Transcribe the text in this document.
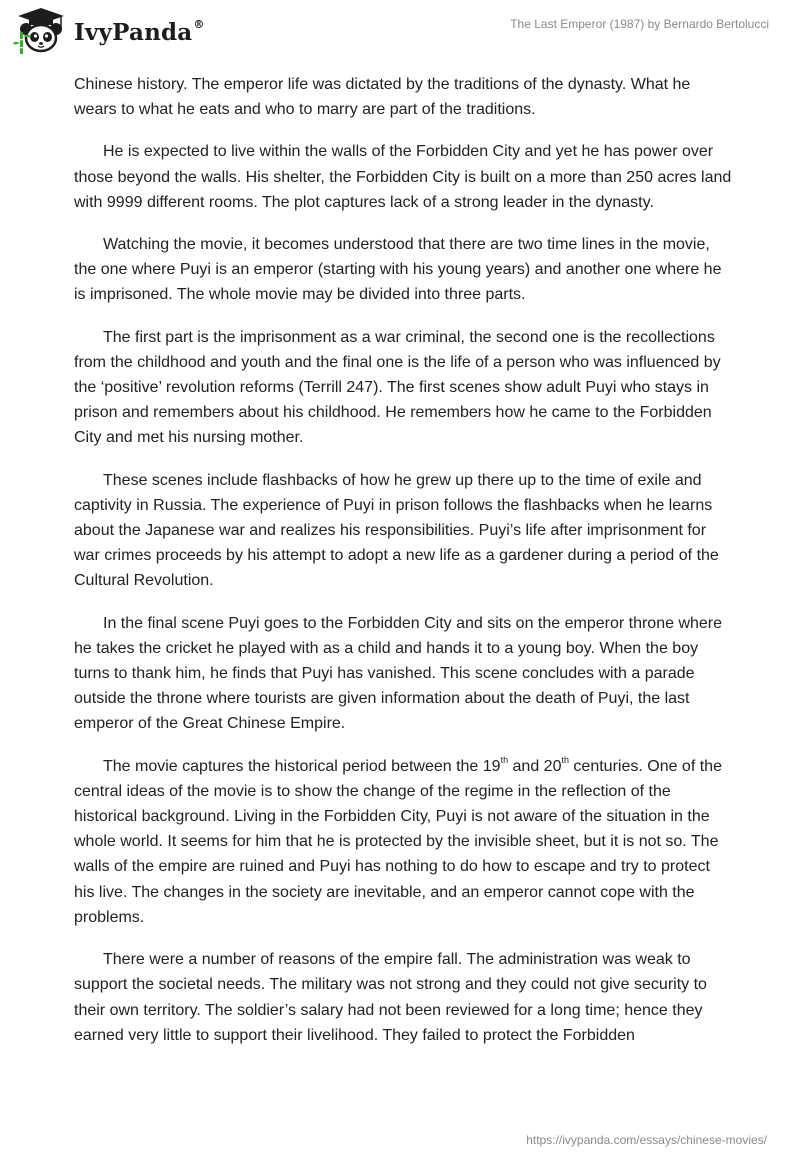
IvyPanda®	The Last Emperor (1987) by Bernardo Bertolucci

Chinese history. The emperor life was dictated by the traditions of the dynasty. What he wears to what he eats and who to marry are part of the traditions.

He is expected to live within the walls of the Forbidden City and yet he has power over those beyond the walls. His shelter, the Forbidden City is built on a more than 250 acres land with 9999 different rooms. The plot captures lack of a strong leader in the dynasty.

Watching the movie, it becomes understood that there are two time lines in the movie, the one where Puyi is an emperor (starting with his young years) and another one where he is imprisoned. The whole movie may be divided into three parts.

The first part is the imprisonment as a war criminal, the second one is the recollections from the childhood and youth and the final one is the life of a person who was influenced by the ‘positive’ revolution reforms (Terrill 247). The first scenes show adult Puyi who stays in prison and remembers about his childhood. He remembers how he came to the Forbidden City and met his nursing mother.

These scenes include flashbacks of how he grew up there up to the time of exile and captivity in Russia. The experience of Puyi in prison follows the flashbacks when he learns about the Japanese war and realizes his responsibilities. Puyi’s life after imprisonment for war crimes proceeds by his attempt to adopt a new life as a gardener during a period of the Cultural Revolution.

In the final scene Puyi goes to the Forbidden City and sits on the emperor throne where he takes the cricket he played with as a child and hands it to a young boy. When the boy turns to thank him, he finds that Puyi has vanished. This scene concludes with a parade outside the throne where tourists are given information about the death of Puyi, the last emperor of the Great Chinese Empire.

The movie captures the historical period between the 19th and 20th centuries. One of the central ideas of the movie is to show the change of the regime in the reflection of the historical background. Living in the Forbidden City, Puyi is not aware of the situation in the whole world. It seems for him that he is protected by the invisible sheet, but it is not so. The walls of the empire are ruined and Puyi has nothing to do how to escape and try to protect his live. The changes in the society are inevitable, and an emperor cannot cope with the problems.

There were a number of reasons of the empire fall. The administration was weak to support the societal needs. The military was not strong and they could not give security to their own territory. The soldier’s salary had not been reviewed for a long time; hence they earned very little to support their livelihood. They failed to protect the Forbidden

https://ivypanda.com/essays/chinese-movies/
